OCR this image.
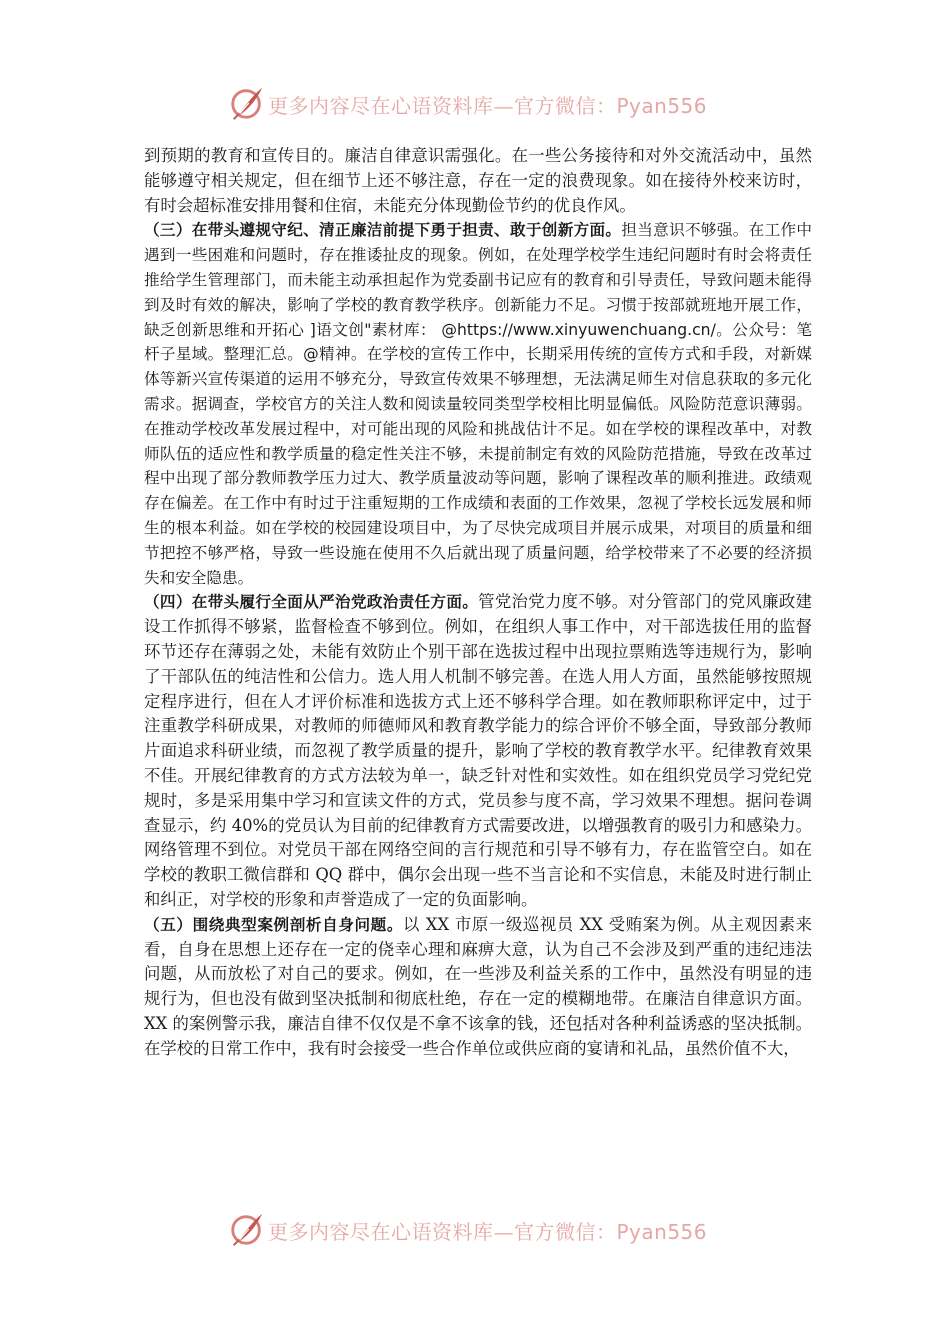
更多内容尽在心语资料库—官方微信：Pyan556

到预期的教育和宣传目的。廉洁自律意识需强化。在一些公务接待和对外交流活动中，虽然能够遵守相关规定，但在细节上还不够注意，存在一定的浪费现象。如在接待外校来访时，有时会超标准安排用餐和住宿，未能充分体现勤俭节约的优良作风。

（三）在带头遵规守纪、清正廉洁前提下勇于担责、敢于创新方面。担当意识不够强。在工作中遇到一些困难和问题时，存在推诿扯皮的现象。例如，在处理学校学生违纪问题时有时会将责任推给学生管理部门，而未能主动承担起作为党委副书记应有的教育和引导责任，导致问题未能得到及时有效的解决，影响了学校的教育教学秩序。创新能力不足。习惯于按部就班地开展工作，缺乏创新思维和开拓心 ]语文创"素材库： @https://www.xinyuwenchuang.cn/。公众号：笔杆子星域。整理汇总。@精神。在学校的宣传工作中，长期采用传统的宣传方式和手段，对新媒体等新兴宣传渠道的运用不够充分，导致宣传效果不够理想，无法满足师生对信息获取的多元化需求。据调查，学校官方的关注人数和阅读量较同类型学校相比明显偏低。风险防范意识薄弱。在推动学校改革发展过程中，对可能出现的风险和挑战估计不足。如在学校的课程改革中，对教师队伍的适应性和教学质量的稳定性关注不够，未提前制定有效的风险防范措施，导致在改革过程中出现了部分教师教学压力过大、教学质量波动等问题，影响了课程改革的顺利推进。政绩观存在偏差。在工作中有时过于注重短期的工作成绩和表面的工作效果，忽视了学校长远发展和师生的根本利益。如在学校的校园建设项目中，为了尽快完成项目并展示成果，对项目的质量和细节把控不够严格，导致一些设施在使用不久后就出现了质量问题，给学校带来了不必要的经济损失和安全隐患。

（四）在带头履行全面从严治党政治责任方面。管党治党力度不够。对分管部门的党风廉政建设工作抓得不够紧，监督检查不够到位。例如，在组织人事工作中，对干部选拔任用的监督环节还存在薄弱之处，未能有效防止个别干部在选拔过程中出现拉票贿选等违规行为，影响了干部队伍的纯洁性和公信力。选人用人机制不够完善。在选人用人方面，虽然能够按照规定程序进行，但在人才评价标准和选拔方式上还不够科学合理。如在教师职称评定中，过于注重教学科研成果，对教师的师德师风和教育教学能力的综合评价不够全面，导致部分教师片面追求科研业绩，而忽视了教学质量的提升，影响了学校的教育教学水平。纪律教育效果不佳。开展纪律教育的方式方法较为单一，缺乏针对性和实效性。如在组织党员学习党纪党规时，多是采用集中学习和宣读文件的方式，党员参与度不高，学习效果不理想。据问卷调查显示，约 40%的党员认为目前的纪律教育方式需要改进，以增强教育的吸引力和感染力。网络管理不到位。对党员干部在网络空间的言行规范和引导不够有力，存在监管空白。如在学校的教职工微信群和 QQ 群中，偶尔会出现一些不当言论和不实信息，未能及时进行制止和纠正，对学校的形象和声誉造成了一定的负面影响。

（五）围绕典型案例剖析自身问题。以 XX 市原一级巡视员 XX 受贿案为例。从主观因素来看，自身在思想上还存在一定的侥幸心理和麻痹大意，认为自己不会涉及到严重的违纪违法问题，从而放松了对自己的要求。例如，在一些涉及利益关系的工作中，虽然没有明显的违规行为，但也没有做到坚决抵制和彻底杜绝，存在一定的模糊地带。在廉洁自律意识方面。XX 的案例警示我，廉洁自律不仅仅是不拿不该拿的钱，还包括对各种利益诱惑的坚决抵制。在学校的日常工作中，我有时会接受一些合作单位或供应商的宴请和礼品，虽然价值不大，

更多内容尽在心语资料库—官方微信：Pyan556
